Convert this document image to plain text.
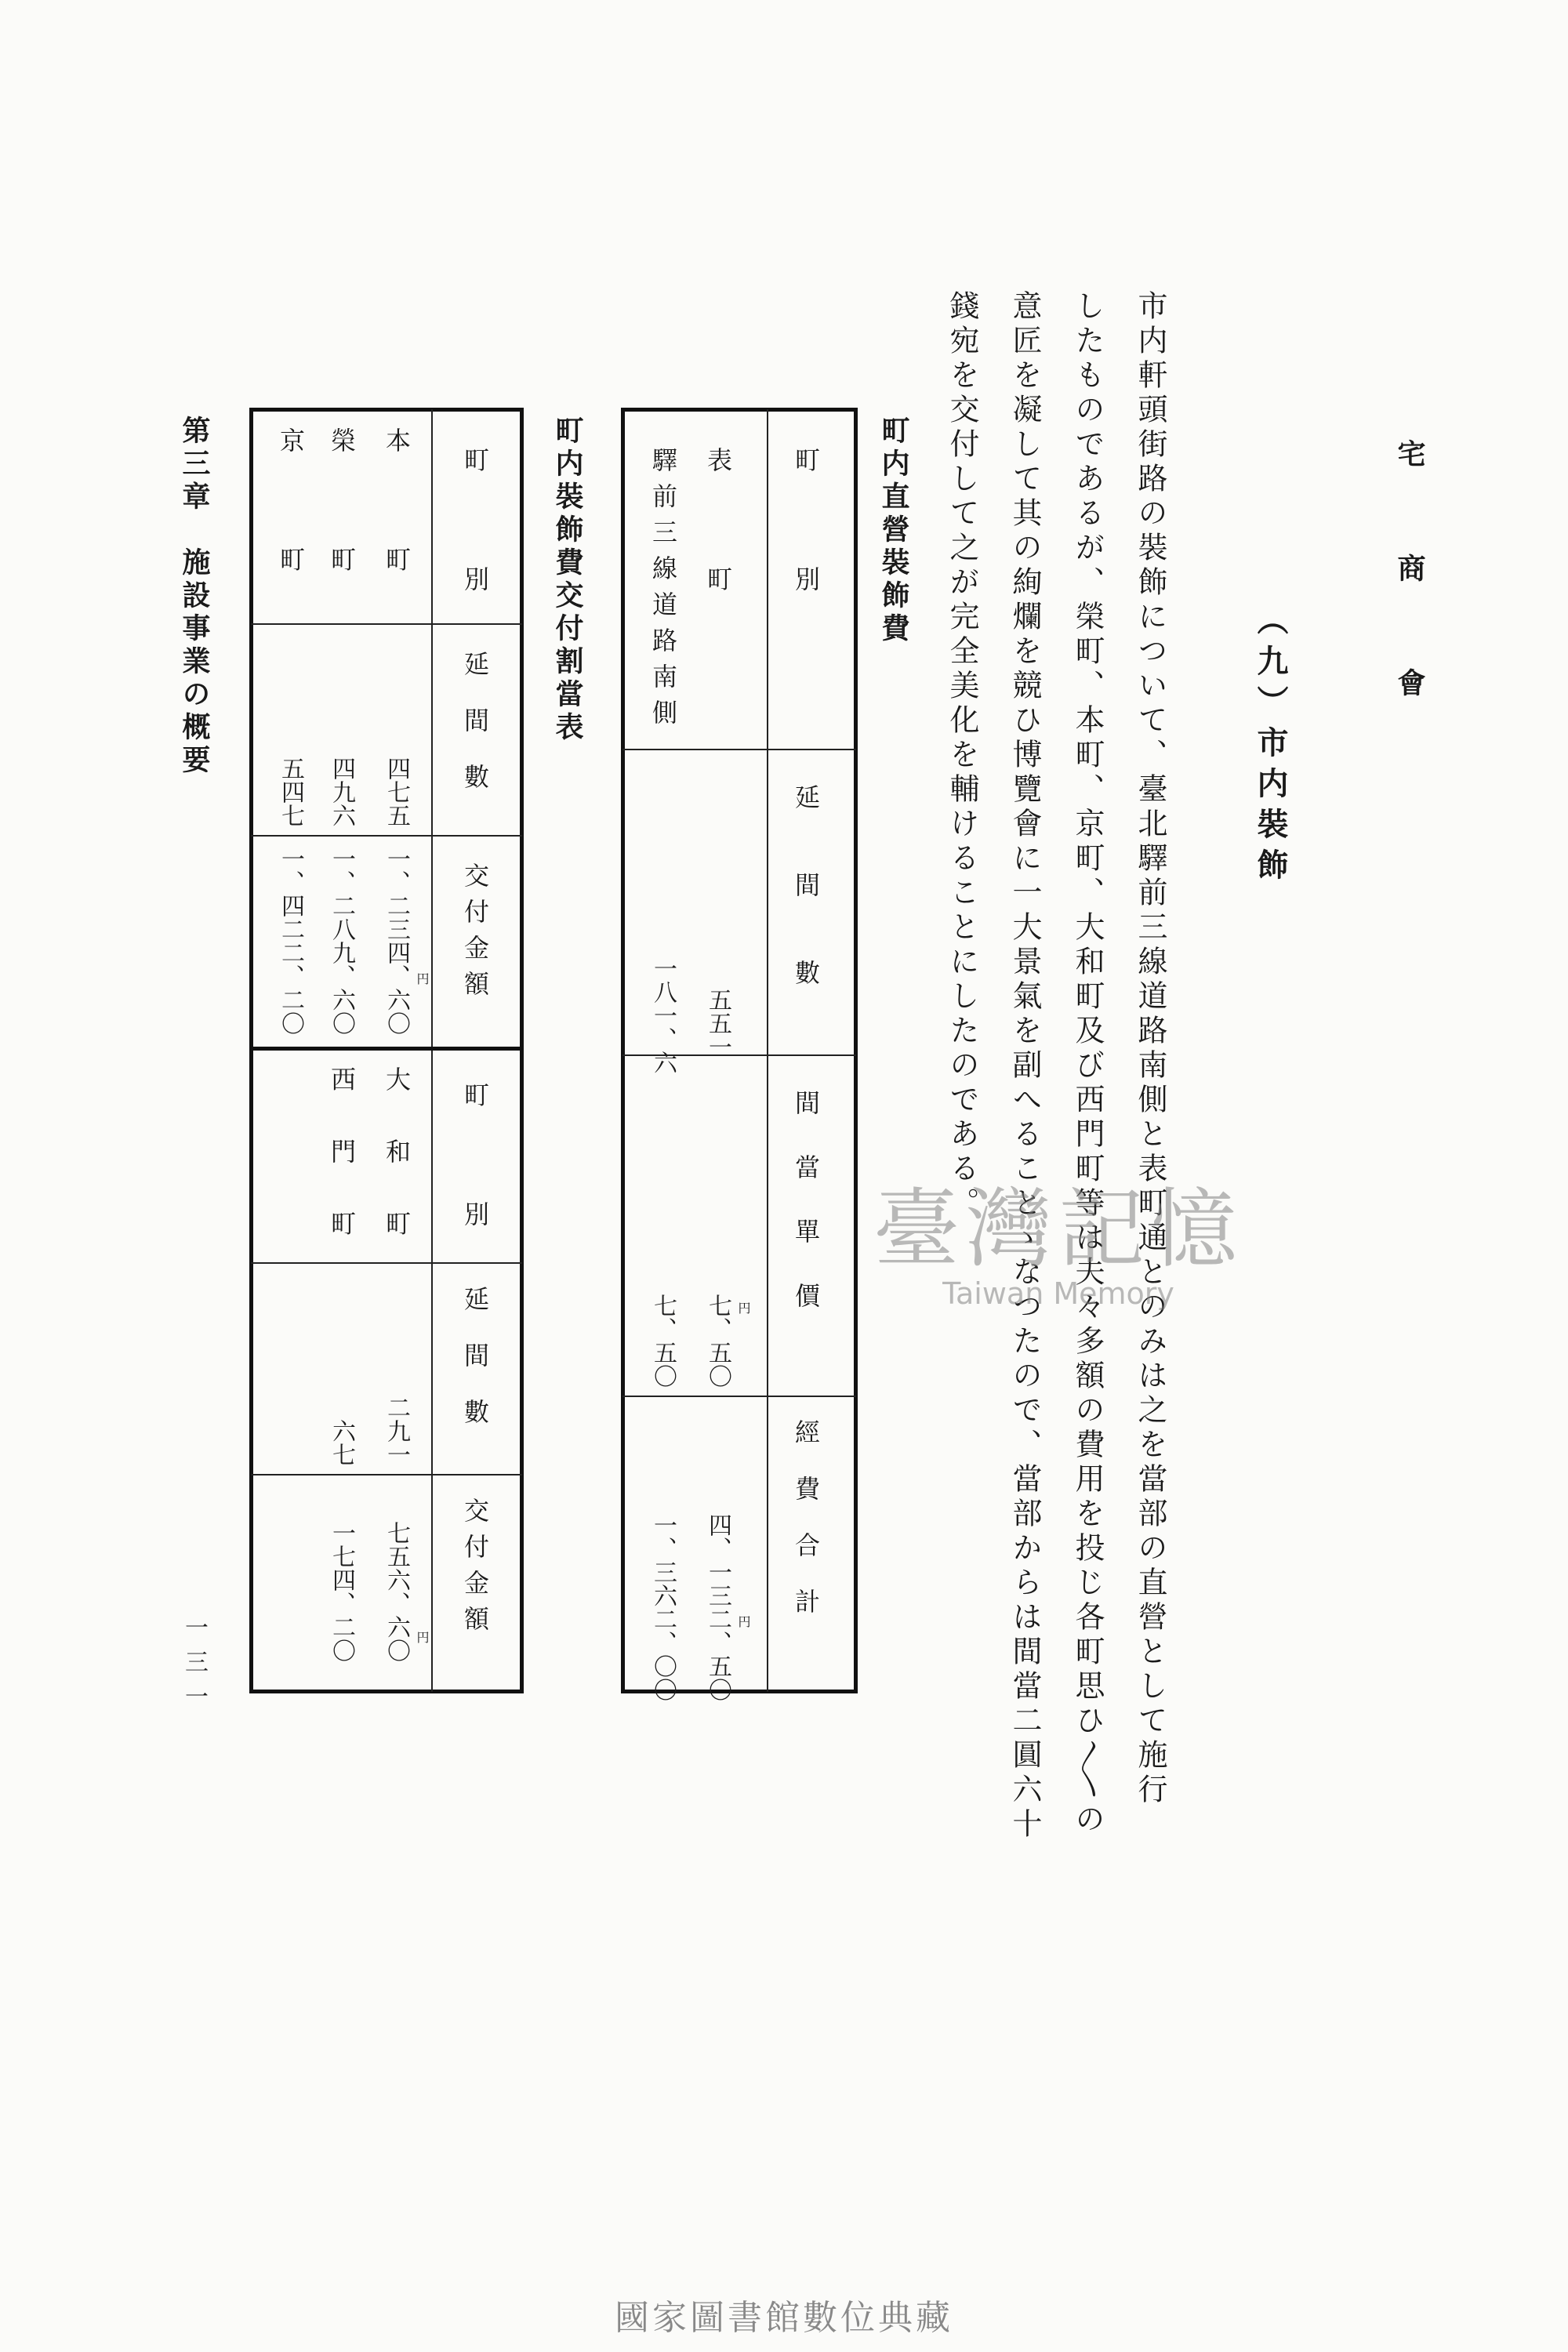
宅商會
（九）市内裝飾
市内軒頭街路の裝飾について、臺北驛前三線道路南側と表町通とのみは之を當部の直營として施行
したものであるが、榮町、本町、京町、大和町及び西門町等は夫々多額の費用を投じ各町思ひ〱の
意匠を凝して其の絢爛を競ひ博覽會に一大景氣を副へることゝなつたので、當部からは間當二圓六十
錢宛を交付して之が完全美化を輔けることにしたのである。
町内直營裝飾費
町別
延間數
間當單價
經費合計
表町
五五一
七、五〇
四、一三二、五〇
円
円
驛前三線道路南側
一八一、六
七、五〇
一、三六二、〇〇
町内裝飾費交付割當表
町別
延間數
交付金額
町別
延間數
交付金額
本町
四七五
一、二三四、六〇
大和町
二九一
七五六、六〇
円
円
榮町
四九六
一、二八九、六〇
西門町
六七
一七四、二〇
京町
五四七
一、四二二、二〇
第三章　施設事業の概要
一三一
臺灣記憶
Taiwan Memory
國家圖書館數位典藏
